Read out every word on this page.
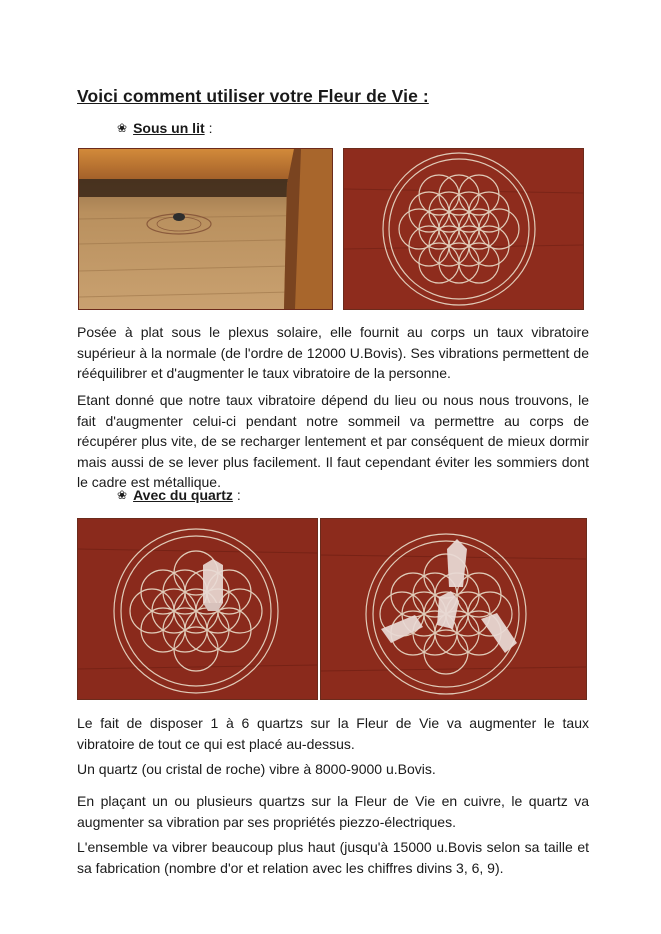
Voici comment utiliser votre Fleur de Vie :
❀ Sous un lit :

Posée à plat sous le plexus solaire, elle fournit au corps un taux vibratoire supérieur à la normale (de l'ordre de 12000 U.Bovis). Ses vibrations permettent de rééquilibrer et d'augmenter le taux vibratoire de la personne.

Etant donné que notre taux vibratoire dépend du lieu ou nous nous trouvons, le fait d'augmenter celui-ci pendant notre sommeil va permettre au corps de récupérer plus vite, de se recharger lentement et par conséquent de mieux dormir mais aussi de se lever plus facilement. Il faut cependant éviter les sommiers dont le cadre est métallique.

❀ Avec du quartz :

Le fait de disposer 1 à 6 quartzs sur la Fleur de Vie va augmenter le taux vibratoire de tout ce qui est placé au-dessus.

Un quartz (ou cristal de roche) vibre à 8000-9000 u.Bovis.

En plaçant un ou plusieurs quartzs sur la Fleur de Vie en cuivre, le quartz va augmenter sa vibration par ses propriétés piezzo-électriques.

L'ensemble va vibrer beaucoup plus haut (jusqu'à 15000 u.Bovis selon sa taille et sa fabrication (nombre d'or et relation avec les chiffres divins 3, 6, 9).
